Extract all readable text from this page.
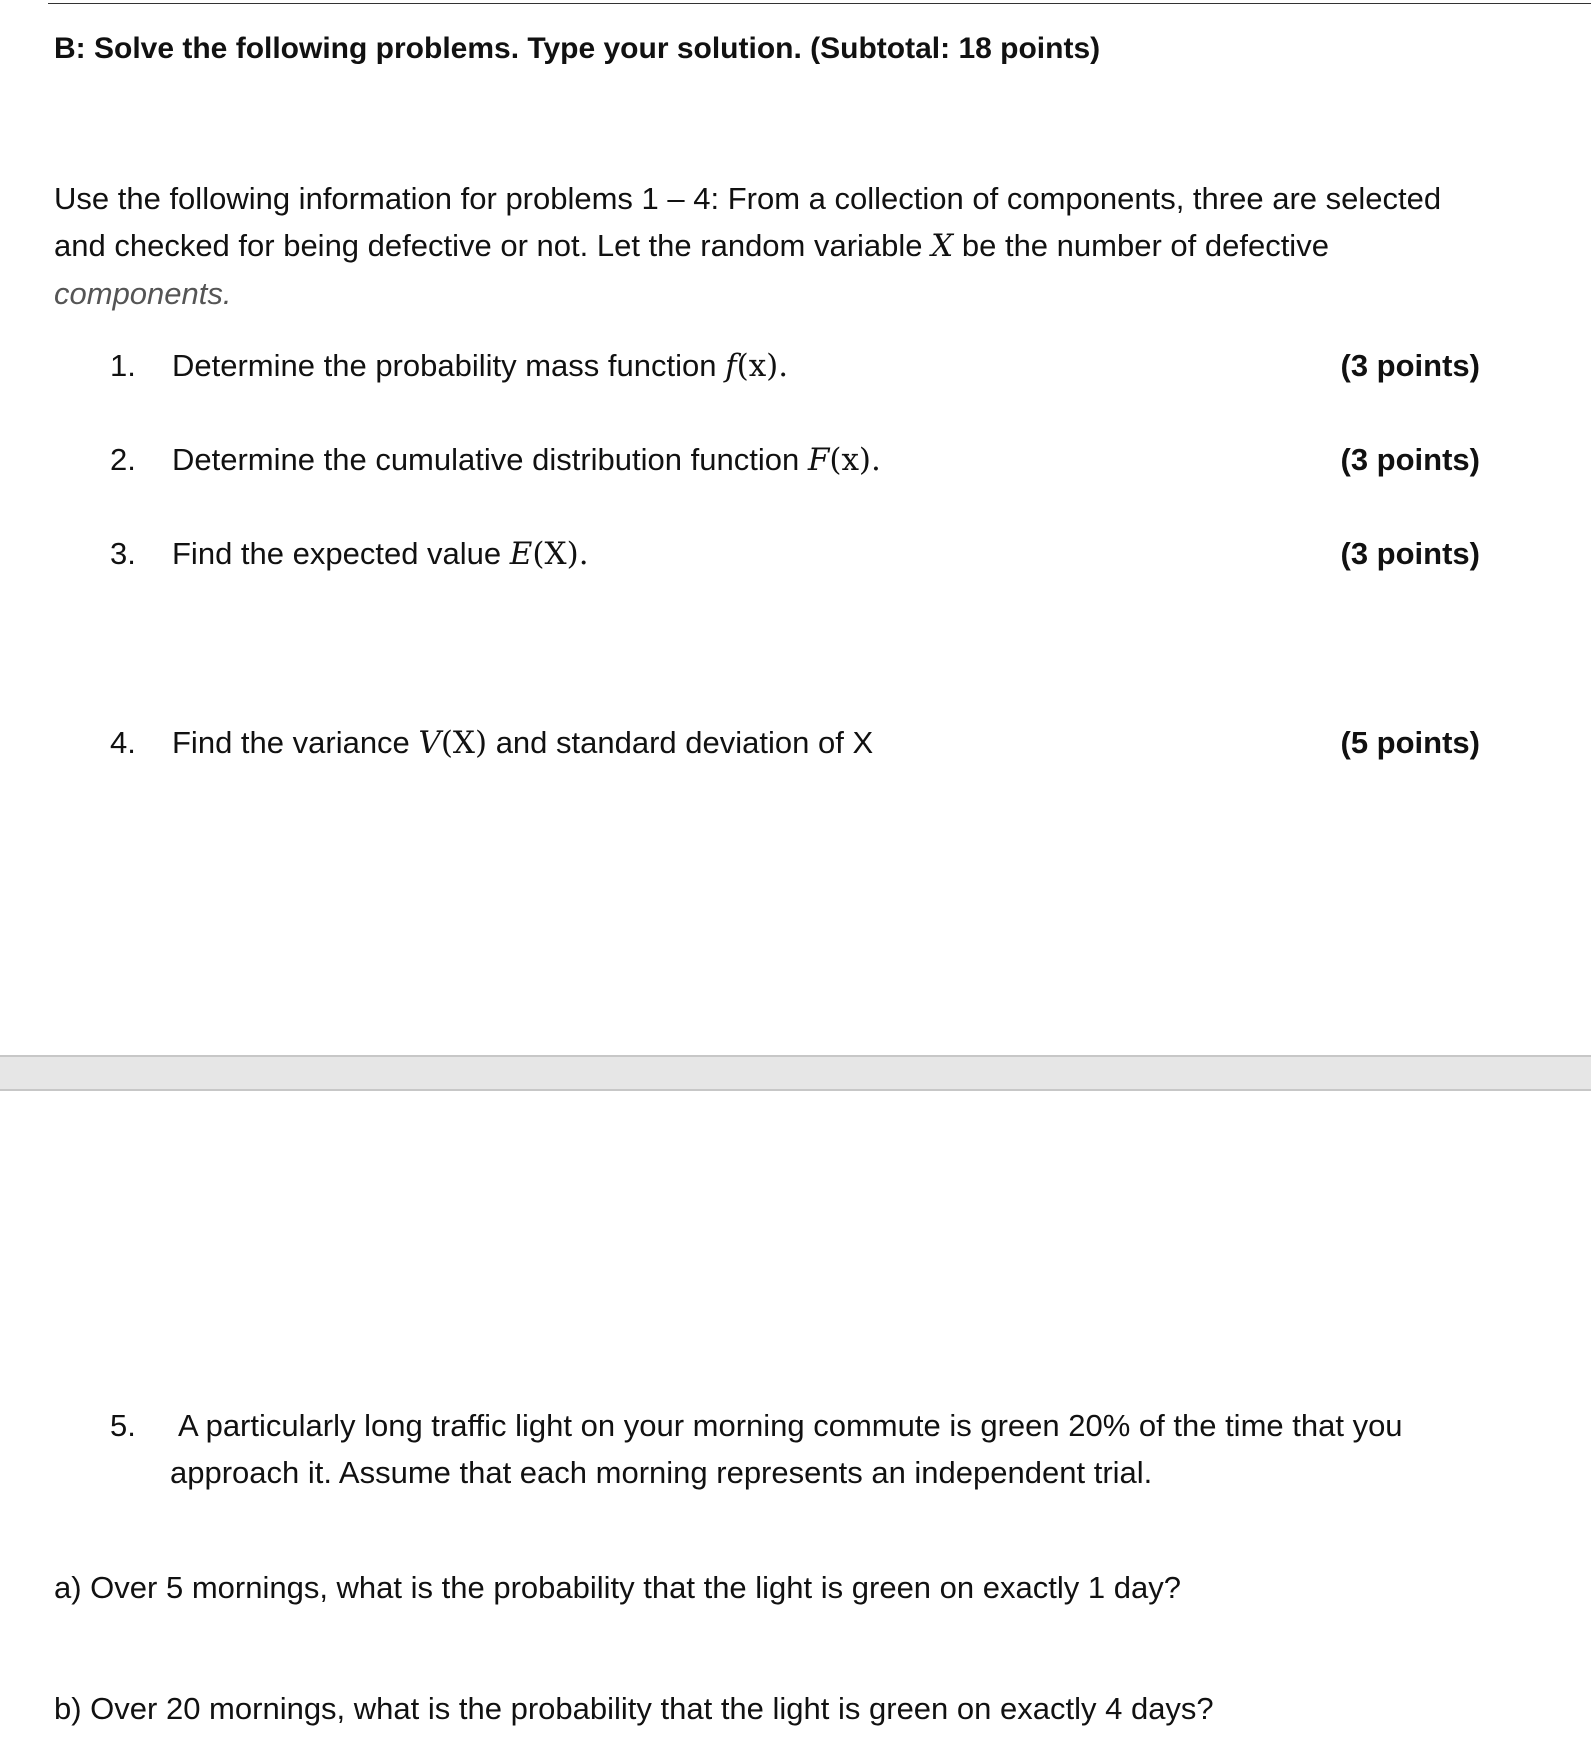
B: Solve the following problems. Type your solution. (Subtotal: 18 points)
Use the following information for problems 1 – 4: From a collection of components, three are selected
and checked for being defective or not. Let the random variable X be the number of defective
components.
1. Determine the probability mass function f(x).	(3 points)
2. Determine the cumulative distribution function F(x).	(3 points)
3. Find the expected value E(X).	(3 points)
4. Find the variance V(X) and standard deviation of X	(5 points)
5. A particularly long traffic light on your morning commute is green 20% of the time that you
approach it. Assume that each morning represents an independent trial.
a) Over 5 mornings, what is the probability that the light is green on exactly 1 day?
b) Over 20 mornings, what is the probability that the light is green on exactly 4 days?
